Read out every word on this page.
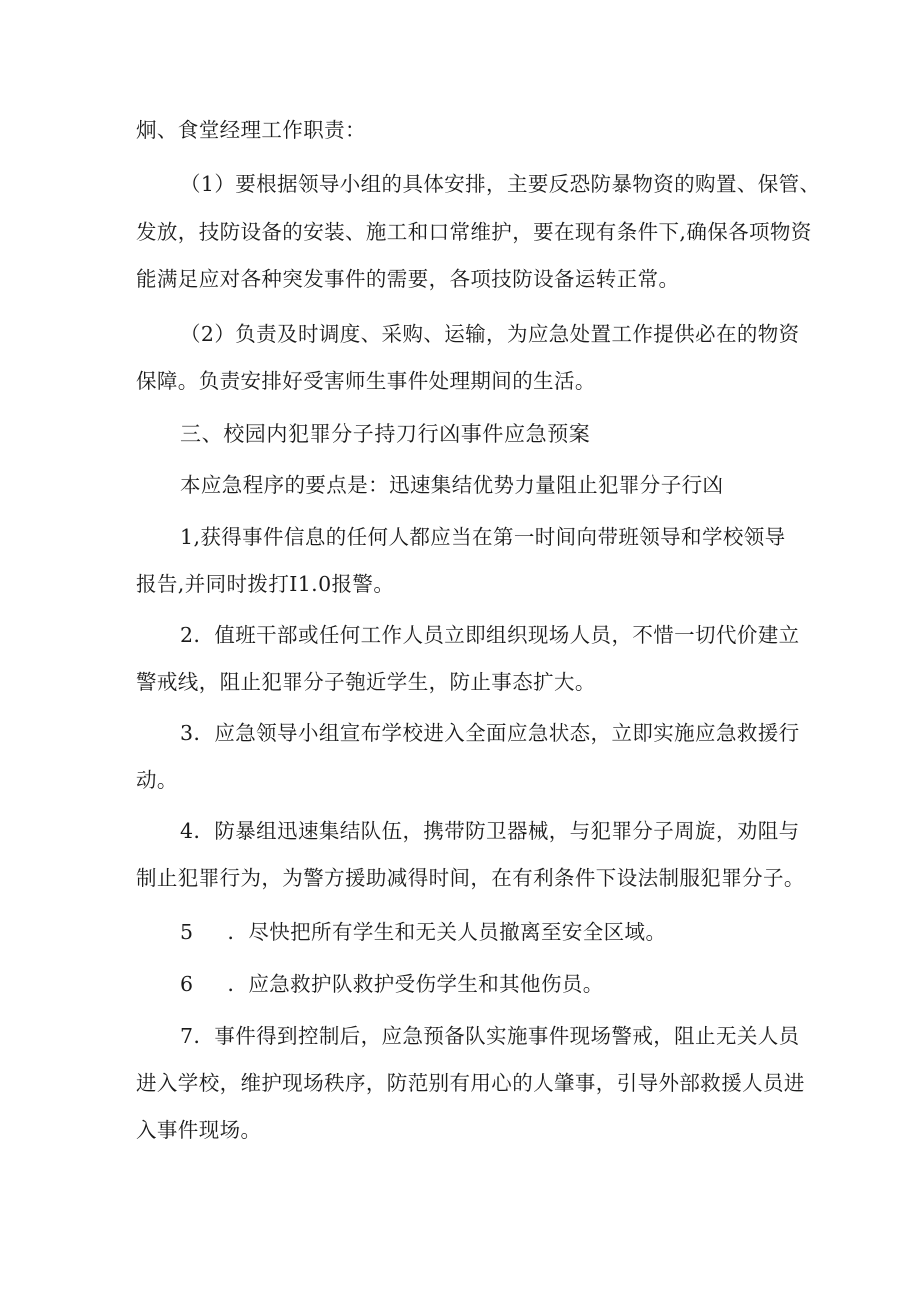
炯、食堂经理工作职责：
（1）要根据领导小组的具体安排，主要反恐防暴物资的购置、保管、
发放，技防设备的安装、施工和口常维护，要在现有条件下,确保各项物资
能满足应对各种突发事件的需要，各项技防设备运转正常。
（2）负责及时调度、采购、运输，为应急处置工作提供必在的物资
保障。负责安排好受害师生事件处理期间的生活。
三、校园内犯罪分子持刀行凶事件应急预案
本应急程序的要点是：迅速集结优势力量阻止犯罪分子行凶
1,获得事件信息的任何人都应当在第一时间向带班领导和学校领导
报告,并同时拨打I1.0报警。
2．值班干部或任何工作人员立即组织现场人员，不惜一切代价建立
警戒线，阻止犯罪分子匏近学生，防止事态扩大。
3．应急领导小组宣布学校进入全面应急状态，立即实施应急救援行
动。
4．防暴组迅速集结队伍，携带防卫器械，与犯罪分子周旋，劝阻与
制止犯罪行为，为警方援助减得时间，在有利条件下设法制服犯罪分子。
5 ．尽快把所有学生和无关人员撤离至安全区域。
6 ．应急救护队救护受伤学生和其他伤员。
7．事件得到控制后，应急预备队实施事件现场警戒，阻止无关人员
进入学校，维护现场秩序，防范别有用心的人肇事，引导外部救援人员进
入事件现场。
